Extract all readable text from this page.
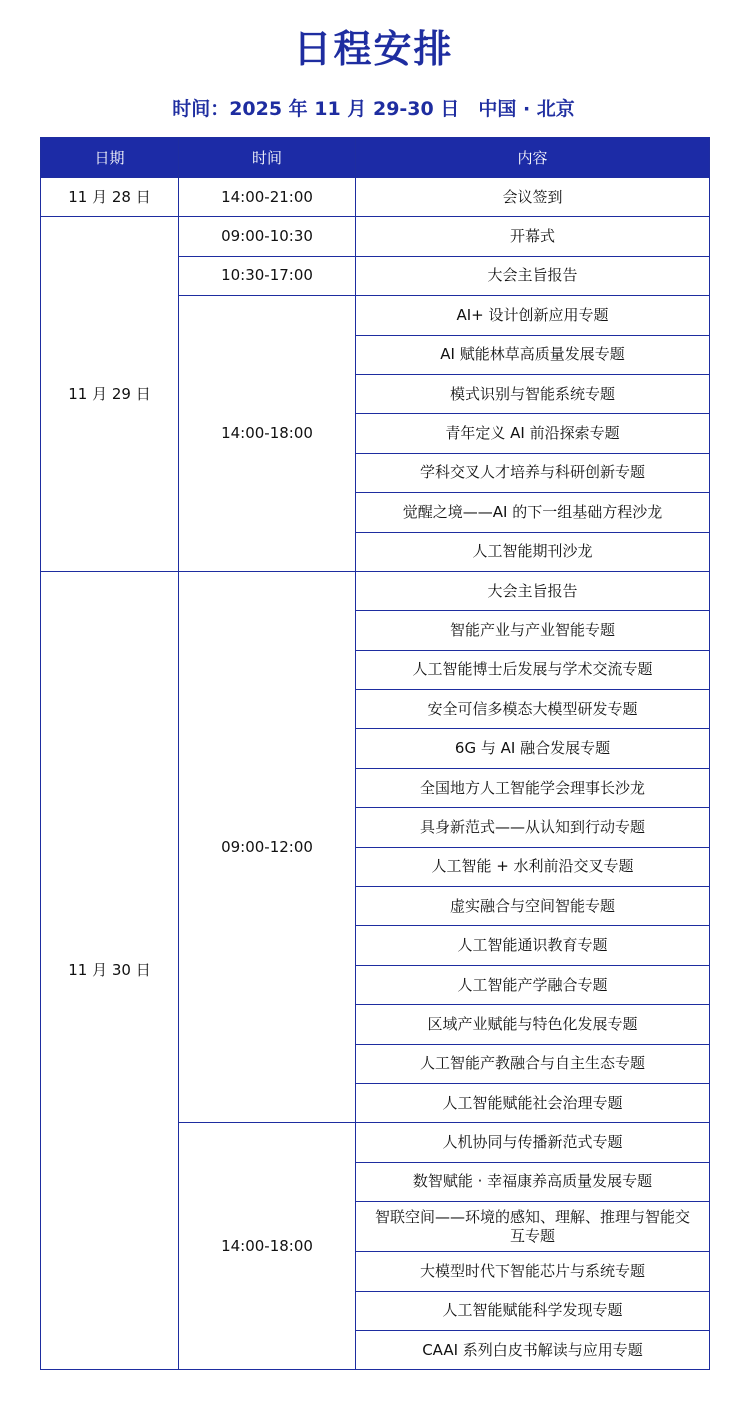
日程安排
时间：2025 年 11 月 29-30 日　中国 · 北京
日期	时间	内容
11 月 28 日	14:00-21:00	会议签到
11 月 29 日	09:00-10:30	开幕式
	10:30-17:00	大会主旨报告
	14:00-18:00	AI+ 设计创新应用专题
		AI 赋能林草高质量发展专题
		模式识别与智能系统专题
		青年定义 AI 前沿探索专题
		学科交叉人才培养与科研创新专题
		觉醒之境——AI 的下一组基础方程沙龙
		人工智能期刊沙龙
11 月 30 日	09:00-12:00	大会主旨报告
		智能产业与产业智能专题
		人工智能博士后发展与学术交流专题
		安全可信多模态大模型研发专题
		6G 与 AI 融合发展专题
		全国地方人工智能学会理事长沙龙
		具身新范式——从认知到行动专题
		人工智能 + 水利前沿交叉专题
		虚实融合与空间智能专题
		人工智能通识教育专题
		人工智能产学融合专题
		区域产业赋能与特色化发展专题
		人工智能产教融合与自主生态专题
		人工智能赋能社会治理专题
	14:00-18:00	人机协同与传播新范式专题
		数智赋能 · 幸福康养高质量发展专题
		智联空间——环境的感知、理解、推理与智能交互专题
		大模型时代下智能芯片与系统专题
		人工智能赋能科学发现专题
		CAAI 系列白皮书解读与应用专题
